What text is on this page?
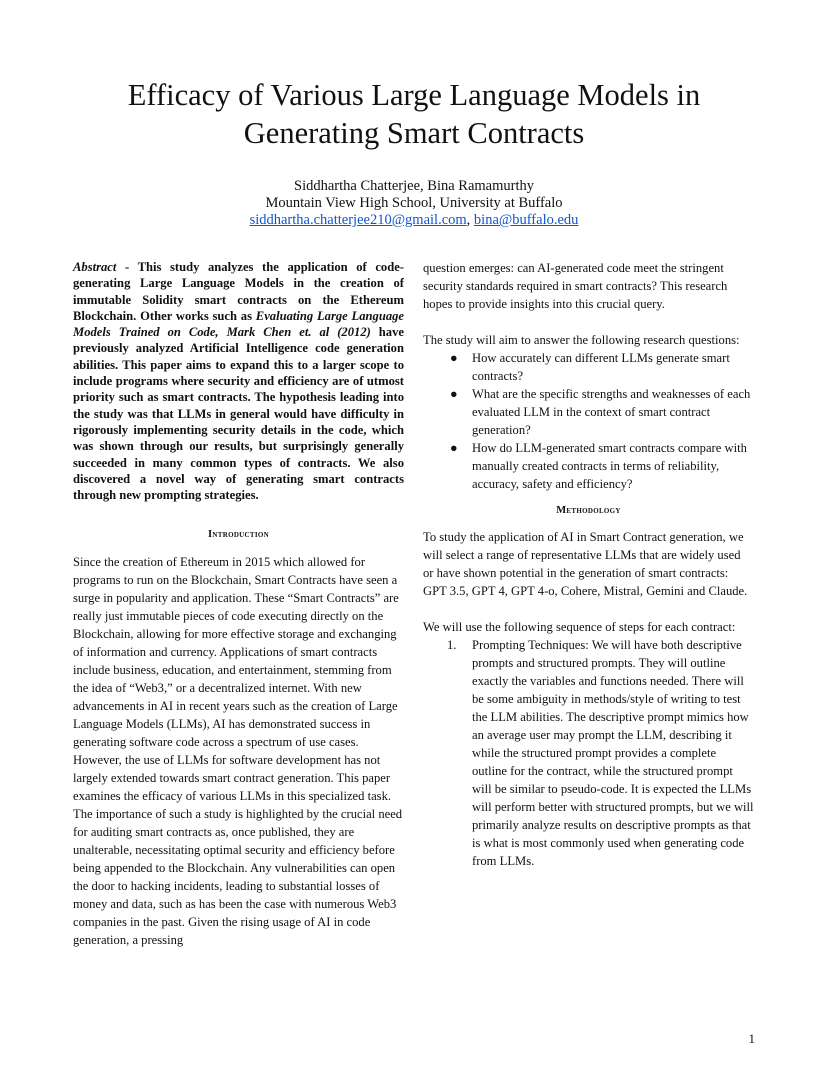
Efficacy of Various Large Language Models in Generating Smart Contracts
Siddhartha Chatterjee, Bina Ramamurthy
Mountain View High School, University at Buffalo
siddhartha.chatterjee210@gmail.com, bina@buffalo.edu

Abstract - This study analyzes the application of code-generating Large Language Models in the creation of immutable Solidity smart contracts on the Ethereum Blockchain. Other works such as Evaluating Large Language Models Trained on Code, Mark Chen et. al (2012) have previously analyzed Artificial Intelligence code generation abilities. This paper aims to expand this to a larger scope to include programs where security and efficiency are of utmost priority such as smart contracts. The hypothesis leading into the study was that LLMs in general would have difficulty in rigorously implementing security details in the code, which was shown through our results, but surprisingly generally succeeded in many common types of contracts. We also discovered a novel way of generating smart contracts through new prompting strategies.

Introduction

Since the creation of Ethereum in 2015 which allowed for programs to run on the Blockchain, Smart Contracts have seen a surge in popularity and application. These “Smart Contracts” are really just immutable pieces of code executing directly on the Blockchain, allowing for more effective storage and exchanging of information and currency. Applications of smart contracts include business, education, and entertainment, stemming from the idea of “Web3,” or a decentralized internet. With new advancements in AI in recent years such as the creation of Large Language Models (LLMs), AI has demonstrated success in generating software code across a spectrum of use cases. However, the use of LLMs for software development has not largely extended towards smart contract generation. This paper examines the efficacy of various LLMs in this specialized task. The importance of such a study is highlighted by the crucial need for auditing smart contracts as, once published, they are unalterable, necessitating optimal security and efficiency before being appended to the Blockchain. Any vulnerabilities can open the door to hacking incidents, leading to substantial losses of money and data, such as has been the case with numerous Web3 companies in the past. Given the rising usage of AI in code generation, a pressing

question emerges: can AI-generated code meet the stringent security standards required in smart contracts? This research hopes to provide insights into this crucial query.

The study will aim to answer the following research questions:

● How accurately can different LLMs generate smart contracts?
● What are the specific strengths and weaknesses of each evaluated LLM in the context of smart contract generation?
● How do LLM-generated smart contracts compare with manually created contracts in terms of reliability, accuracy, safety and efficiency?

Methodology

To study the application of AI in Smart Contract generation, we will select a range of representative LLMs that are widely used or have shown potential in the generation of smart contracts: GPT 3.5, GPT 4, GPT 4-o, Cohere, Mistral, Gemini and Claude.

We will use the following sequence of steps for each contract:

1. Prompting Techniques: We will have both descriptive prompts and structured prompts. They will outline exactly the variables and functions needed. There will be some ambiguity in methods/style of writing to test the LLM abilities. The descriptive prompt mimics how an average user may prompt the LLM, describing it while the structured prompt provides a complete outline for the contract, while the structured prompt will be similar to pseudo-code. It is expected the LLMs will perform better with structured prompts, but we will primarily analyze results on descriptive prompts as that is what is most commonly used when generating code from LLMs.
1
